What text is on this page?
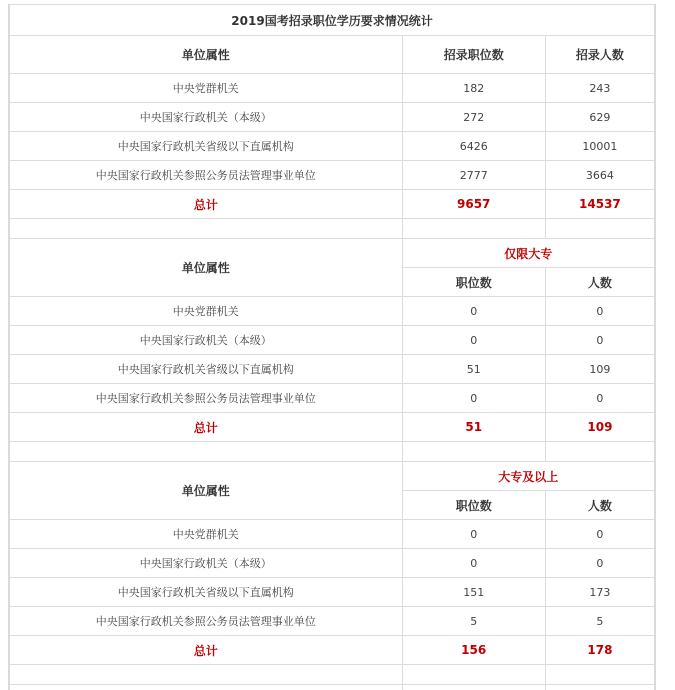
2019国考招录职位学历要求情况统计		
单位属性	招录职位数	招录人数
中央党群机关	182	243
中央国家行政机关（本级）	272	629
中央国家行政机关省级以下直属机构	6426	10001
中央国家行政机关参照公务员法管理事业单位	2777	3664
总计	9657	14537

单位属性	仅限大专	
	职位数	人数
中央党群机关	0	0
中央国家行政机关（本级）	0	0
中央国家行政机关省级以下直属机构	51	109
中央国家行政机关参照公务员法管理事业单位	0	0
总计	51	109

单位属性	大专及以上	
	职位数	人数
中央党群机关	0	0
中央国家行政机关（本级）	0	0
中央国家行政机关省级以下直属机构	151	173
中央国家行政机关参照公务员法管理事业单位	5	5
总计	156	178
